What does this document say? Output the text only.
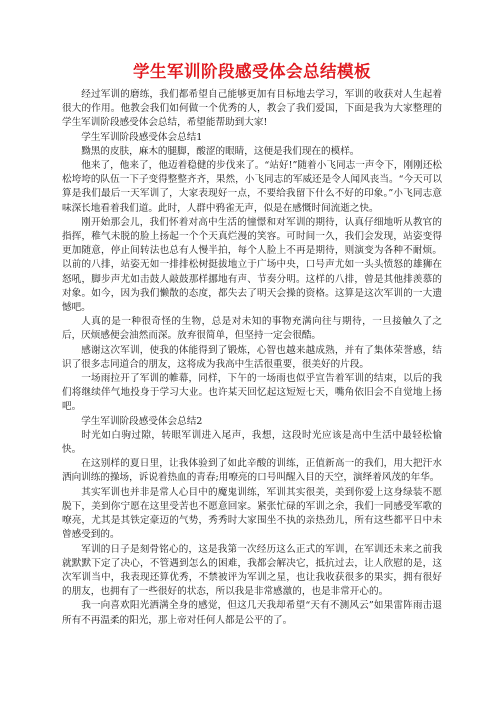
学生军训阶段感受体会总结模板

经过军训的磨练，我们都希望自己能够更加有目标地去学习，军训的收获对人生起着很大的作用。他教会我们如何做一个优秀的人，教会了我们爱国，下面是我为大家整理的学生军训阶段感受体会总结，希望能帮助到大家!

学生军训阶段感受体会总结1

黝黑的皮肤，麻木的腿脚，酸涩的眼睛，这便是我们现在的模样。

他来了，他来了，他迈着稳健的步伐来了。“站好!”随着小飞同志一声令下，刚刚还松松垮垮的队伍一下子变得整整齐齐，果然，小飞同志的军威还是令人闻风丧当。“今天可以算是我们最后一天军训了，大家表现好一点，不要给我留下什么不好的印象。”小飞同志意味深长地看着我们道。此时，人群中鸦雀无声，似是在感慨时间流逝之快。

刚开始那会儿，我们怀着对高中生活的憧憬和对军训的期待，认真仔细地听从教官的指挥，稚气未脱的脸上扬起一个个天真烂漫的笑容。可时间一久，我们会发现，站姿变得更加随意，停止间转法也总有人慢半拍，每个人脸上不再是期待，则演变为各种不耐烦。以前的八排，站姿无如一排排松树挺拔地立于广场中央，口号声尤如一头头愤怒的雄狮在怒吼，脚步声尤如击鼓人敲鼓那样挪地有声、节奏分明。这样的八排，曾是其他排羡慕的对象。如今，因为我们懒散的态度，都失去了明天会操的资格。这算是这次军训的一大遗憾吧。

人真的是一种很奇怪的生物，总是对未知的事物充满向往与期待，一旦接触久了之后，厌烦感便会油然而深。放弃很简单，但坚持一定会很酷。

感谢这次军训，使我的体能得到了锻炼，心智也越来越成熟，并有了集体荣誉感，结识了很多志同道合的朋友，这将成为我高中生活很重要，很美好的片段。

一场雨拉开了军训的帷幕，同样，下午的一场雨也似乎宣告着军训的结束，以后的我们将继续伴气地投身于学习大业。也许某天回忆起这短短七天，嘴角依旧会不自觉地上扬吧。

学生军训阶段感受体会总结2

时光如白驹过隙，转眼军训进入尾声，我想，这段时光应该是高中生活中最轻松愉快。

在这别样的夏日里，让我体验到了如此辛酸的训练，正值新高一的我们，用大把汗水洒向训练的操场，诉说着热血的青春;用嘹亮的口号叫醒入目的天空，演绎着风茂的年华。

其实军训也并非是常人心目中的魔鬼训练，军训其实很美，美到你爱上这身绿装不愿脱下，美到你宁愿在这里受苦也不愿意回家。紧张忙碌的军训之余，我们一同感受军歌的嘹亮，尤其是其铁定豪迈的气势，秀秀时大家围坐不执的亲热劲儿，所有这些都平日中未曾感受到的。

军训的日子是刻骨铭心的，这是我第一次经历这么正式的军训，在军训还未来之前我就默默下定了决心，不管遇到怎么的困难，我都会解决它，抵抗过去，让人欣慰的是，这次军训当中，我表现还算优秀，不禁被评为军训之星，也让我收获很多的果实，拥有很好的朋友，也拥有了一些很好的状态，所以我是非常感激的，也是非常开心的。

我一向喜欢阳光洒满全身的感觉，但这几天我却希望“天有不测风云”如果雷阵雨击退所有不再温柔的阳光，那上帝对任何人都是公平的了。
